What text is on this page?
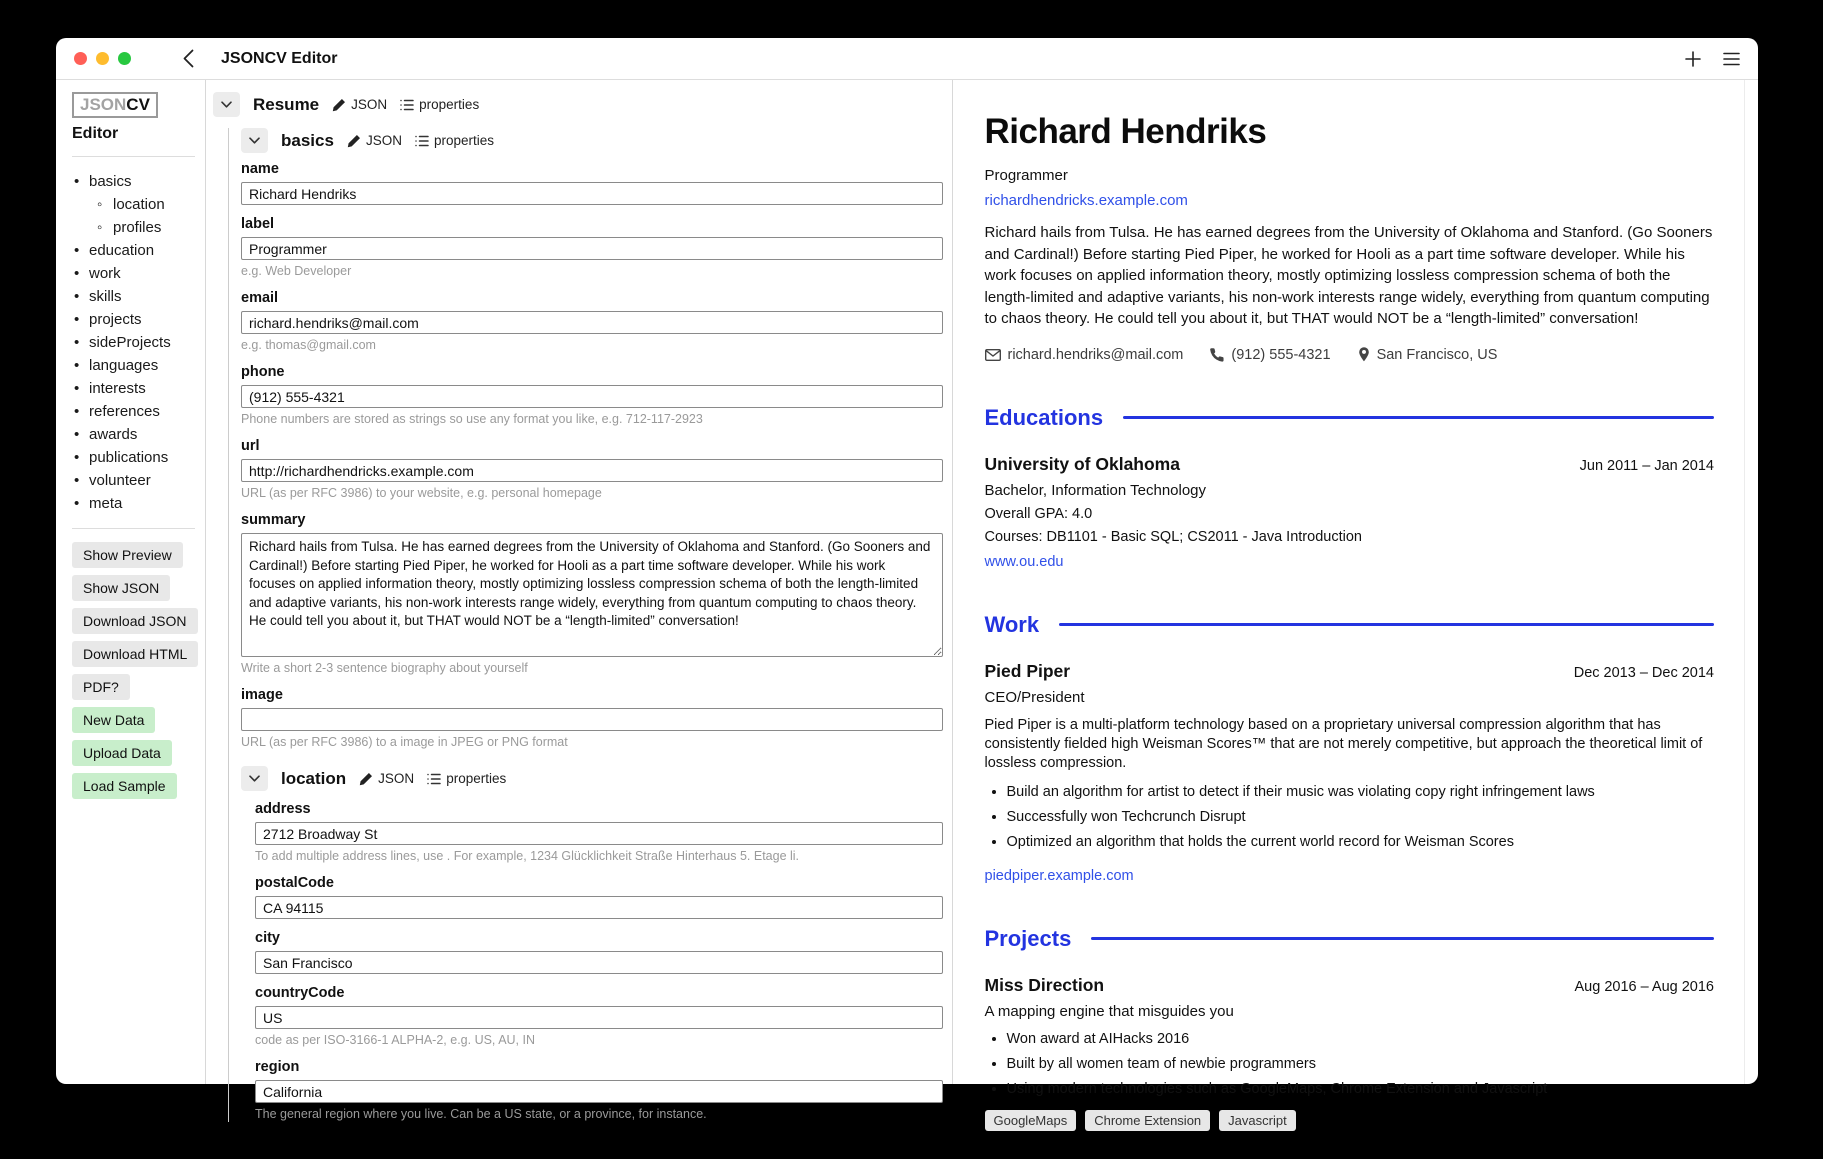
JSONCV Editor
JSONCV
Editor
• basics
◦ location
◦ profiles
• education
• work
• skills
• projects
• sideProjects
• languages
• interests
• references
• awards
• publications
• volunteer
• meta
Show Preview
Show JSON
Download JSON
Download HTML
PDF?
New Data
Upload Data
Load Sample
Resume JSON properties
basics JSON properties
name
Richard Hendriks
label
Programmer
e.g. Web Developer
email
richard.hendriks@mail.com
e.g. thomas@gmail.com
phone
(912) 555-4321
Phone numbers are stored as strings so use any format you like, e.g. 712-117-2923
url
http://richardhendricks.example.com
URL (as per RFC 3986) to your website, e.g. personal homepage
summary
Richard hails from Tulsa. He has earned degrees from the University of Oklahoma and Stanford. (Go Sooners and Cardinal!) Before starting Pied Piper, he worked for Hooli as a part time software developer. While his work focuses on applied information theory, mostly optimizing lossless compression schema of both the length-limited and adaptive variants, his non-work interests range widely, everything from quantum computing to chaos theory. He could tell you about it, but THAT would NOT be a “length-limited” conversation!
Write a short 2-3 sentence biography about yourself
image
URL (as per RFC 3986) to a image in JPEG or PNG format
location JSON properties
address
2712 Broadway St
To add multiple address lines, use . For example, 1234 Glücklichkeit Straße Hinterhaus 5. Etage li.
postalCode
CA 94115
city
San Francisco
countryCode
US
code as per ISO-3166-1 ALPHA-2, e.g. US, AU, IN
region
California
The general region where you live. Can be a US state, or a province, for instance.
Richard Hendriks
Programmer
richardhendricks.example.com

Richard hails from Tulsa. He has earned degrees from the University of Oklahoma and Stanford. (Go Sooners and Cardinal!) Before starting Pied Piper, he worked for Hooli as a part time software developer. While his work focuses on applied information theory, mostly optimizing lossless compression schema of both the length-limited and adaptive variants, his non-work interests range widely, everything from quantum computing to chaos theory. He could tell you about it, but THAT would NOT be a “length-limited” conversation!

richard.hendriks@mail.com	(912) 555-4321	San Francisco, US
Educations
University of Oklahoma	Jun 2011 – Jan 2014
Bachelor, Information Technology
Overall GPA: 4.0
Courses: DB1101 - Basic SQL; CS2011 - Java Introduction
www.ou.edu
Work
Pied Piper	Dec 2013 – Dec 2014
CEO/President

Pied Piper is a multi-platform technology based on a proprietary universal compression algorithm that has consistently fielded high Weisman Scores™ that are not merely competitive, but approach the theoretical limit of lossless compression.

• Build an algorithm for artist to detect if their music was violating copy right infringement laws
• Successfully won Techcrunch Disrupt
• Optimized an algorithm that holds the current world record for Weisman Scores
piedpiper.example.com
Projects
Miss Direction	Aug 2016 – Aug 2016
A mapping engine that misguides you
• Won award at AIHacks 2016
• Built by all women team of newbie programmers
• Using modern technologies such as GoogleMaps, Chrome Extension and Javascript
GoogleMaps	Chrome Extension	Javascript
